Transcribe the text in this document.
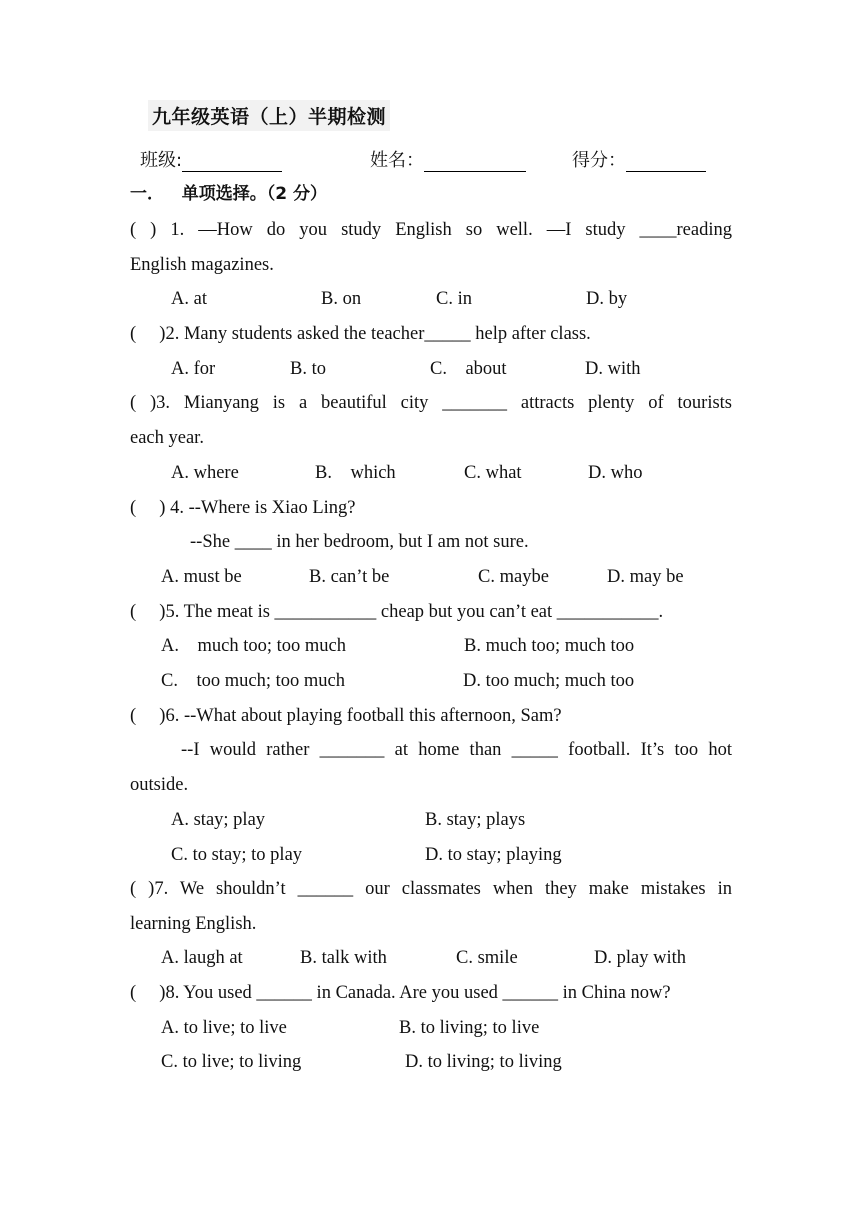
九年级英语（上）半期检测
班级:	姓名：	得分：
一． 单项选择。（2 分）
( ) 1. —How do you study English so well. —I study ____reading
English magazines.
A. at	B. on	C. in	D. by
(     )2. Many students asked the teacher_____ help after class.
A. for	B. to	C.    about	D. with
( )3. Mianyang is a beautiful city _______ attracts plenty of tourists
each year.
A. where	B.    which	C. what	D. who
(     ) 4. --Where is Xiao Ling?
--She ____ in her bedroom, but I am not sure.
A. must be	B. can’t be	C. maybe	D. may be
(     )5. The meat is ___________ cheap but you can’t eat ___________.
A.    much too; too much	B. much too; much too
C.    too much; too much	D. too much; much too
(     )6. --What about playing football this afternoon, Sam?
--I would rather _______ at home than _____ football. It’s too hot
outside.
A. stay; play	B. stay; plays
C. to stay; to play	D. to stay; playing
( )7. We shouldn’t ______ our classmates when they make mistakes in
learning English.
A. laugh at	B. talk with	C. smile	D. play with
(     )8. You used ______ in Canada. Are you used ______ in China now?
A. to live; to live	B. to living; to live
C. to live; to living	D. to living; to living
